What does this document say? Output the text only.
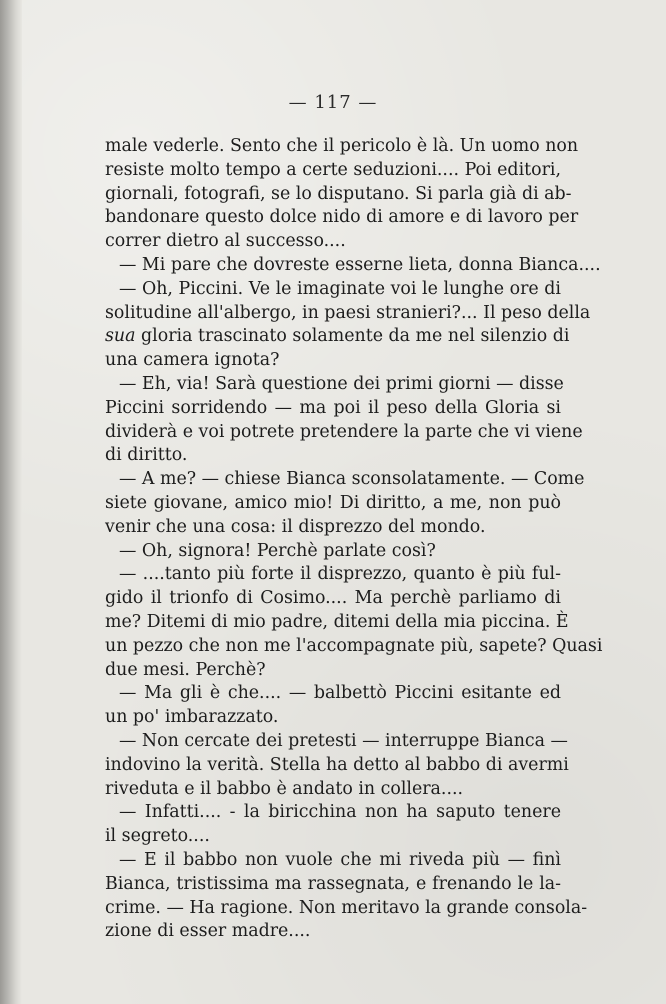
— 117 —
male vederle. Sento che il pericolo è là. Un uomo non
resiste molto tempo a certe seduzioni.... Poi editori,
giornali, fotografi, se lo disputano. Si parla già di ab-
bandonare questo dolce nido di amore e di lavoro per
correr dietro al successo....
— Mi pare che dovreste esserne lieta, donna Bianca....
— Oh, Piccini. Ve le imaginate voi le lunghe ore di
solitudine all'albergo, in paesi stranieri?... Il peso della
sua gloria trascinato solamente da me nel silenzio di
una camera ignota?
— Eh, via! Sarà questione dei primi giorni — disse
Piccini sorridendo — ma poi il peso della Gloria si
dividerà e voi potrete pretendere la parte che vi viene
di diritto.
— A me? — chiese Bianca sconsolatamente. — Come
siete giovane, amico mio! Di diritto, a me, non può
venir che una cosa: il disprezzo del mondo.
— Oh, signora! Perchè parlate così?
— ....tanto più forte il disprezzo, quanto è più ful-
gido il trionfo di Cosimo.... Ma perchè parliamo di
me? Ditemi di mio padre, ditemi della mia piccina. È
un pezzo che non me l'accompagnate più, sapete? Quasi
due mesi. Perchè?
— Ma gli è che.... — balbettò Piccini esitante ed
un po' imbarazzato.
— Non cercate dei pretesti — interruppe Bianca —
indovino la verità. Stella ha detto al babbo di avermi
riveduta e il babbo è andato in collera....
— Infatti.... - la biricchina non ha saputo tenere
il segreto....
— E il babbo non vuole che mi riveda più — finì
Bianca, tristissima ma rassegnata, e frenando le la-
crime. — Ha ragione. Non meritavo la grande consola-
zione di esser madre....
